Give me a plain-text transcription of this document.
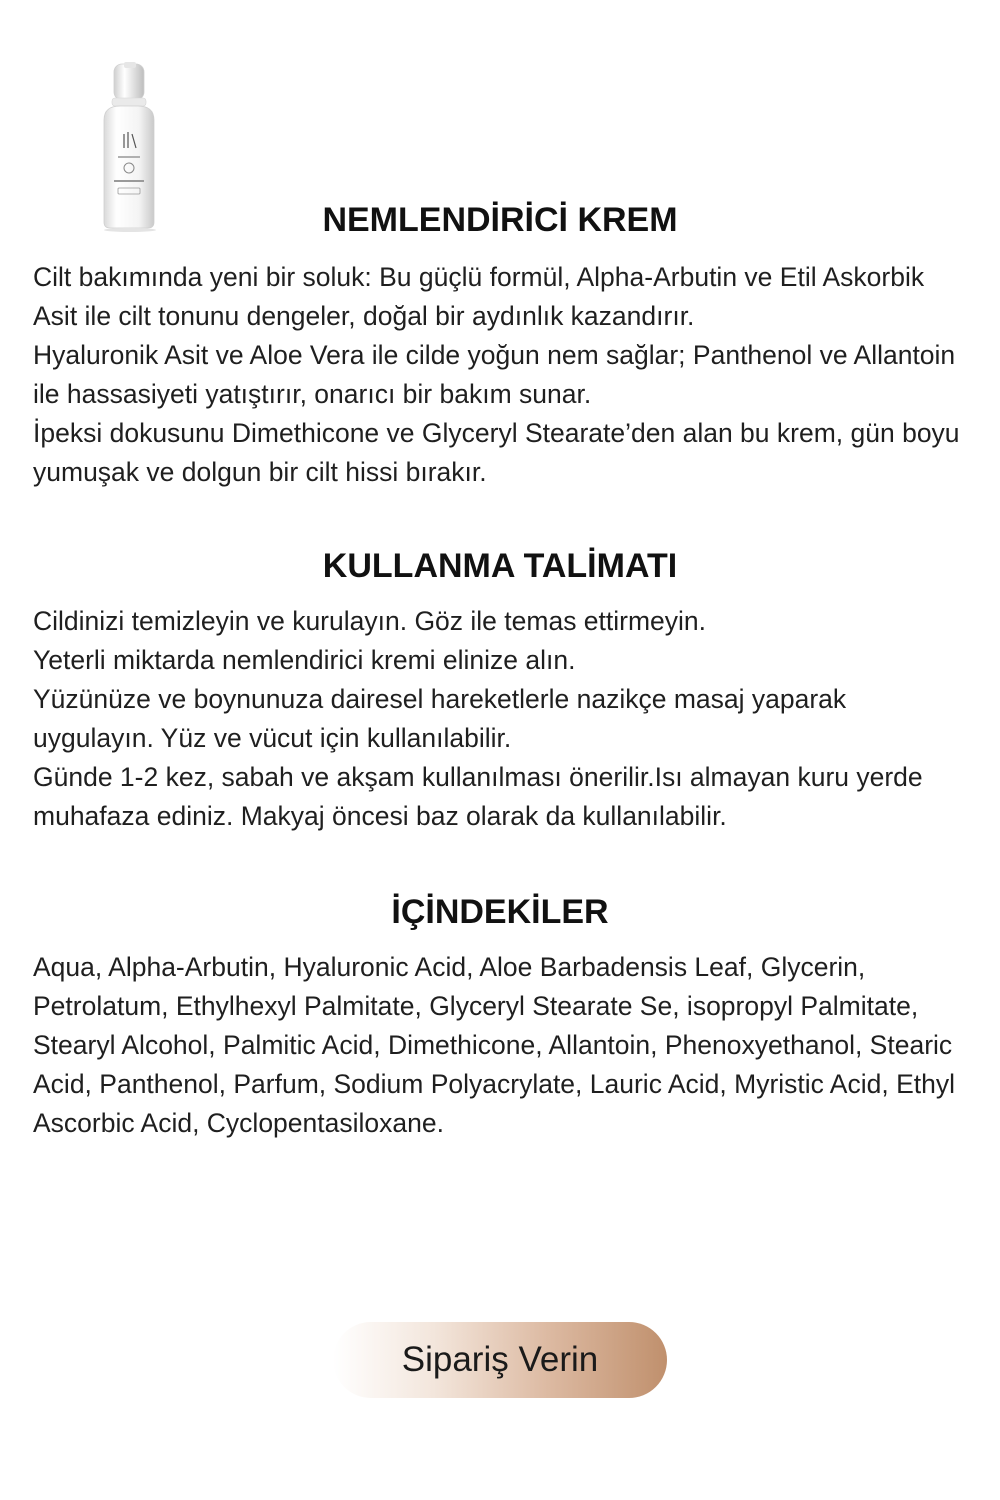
NEMLENDİRİCİ KREM

Cilt bakımında yeni bir soluk: Bu güçlü formül, Alpha-Arbutin ve Etil Askorbik Asit ile cilt tonunu dengeler, doğal bir aydınlık kazandırır.

Hyaluronik Asit ve Aloe Vera ile cilde yoğun nem sağlar; Panthenol ve Allantoin ile hassasiyeti yatıştırır, onarıcı bir bakım sunar.

İpeksi dokusunu Dimethicone ve Glyceryl Stearate’den alan bu krem, gün boyu yumuşak ve dolgun bir cilt hissi bırakır.

KULLANMA TALİMATI

Cildinizi temizleyin ve kurulayın. Göz ile temas ettirmeyin.

Yeterli miktarda nemlendirici kremi elinize alın.

Yüzünüze ve boynunuza dairesel hareketlerle nazikçe masaj yaparak uygulayın. Yüz ve vücut için kullanılabilir.

Günde 1-2 kez, sabah ve akşam kullanılması önerilir.Isı almayan kuru yerde muhafaza ediniz. Makyaj öncesi baz olarak da kullanılabilir.

İÇİNDEKİLER

Aqua, Alpha-Arbutin, Hyaluronic Acid, Aloe Barbadensis Leaf, Glycerin, Petrolatum, Ethylhexyl Palmitate, Glyceryl Stearate Se, isopropyl Palmitate, Stearyl Alcohol, Palmitic Acid, Dimethicone, Allantoin, Phenoxyethanol, Stearic Acid, Panthenol, Parfum, Sodium Polyacrylate, Lauric Acid, Myristic Acid, Ethyl Ascorbic Acid, Cyclopentasiloxane.

Sipariş Verin
